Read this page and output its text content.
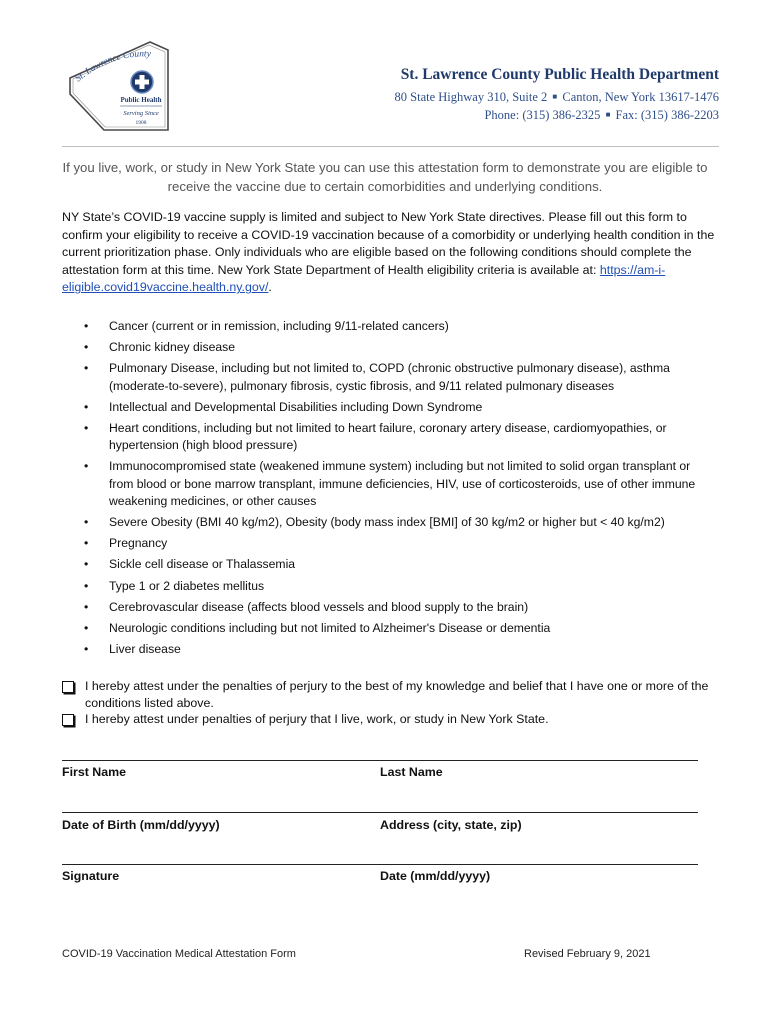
St. Lawrence County
Public Health
Serving Since
1908
St. Lawrence County Public Health Department
80 State Highway 310, Suite 2 ■ Canton, New York 13617-1476
Phone: (315) 386-2325 ■ Fax: (315) 386-2203
If you live, work, or study in New York State you can use this attestation form to demonstrate you are eligible to receive the vaccine due to certain comorbidities and underlying conditions.
NY State’s COVID-19 vaccine supply is limited and subject to New York State directives. Please fill out this form to confirm your eligibility to receive a COVID-19 vaccination because of a comorbidity or underlying health condition in the current prioritization phase. Only individuals who are eligible based on the following conditions should complete the attestation form at this time. New York State Department of Health eligibility criteria is available at: https://am-i-eligible.covid19vaccine.health.ny.gov/.
• Cancer (current or in remission, including 9/11-related cancers)
• Chronic kidney disease
• Pulmonary Disease, including but not limited to, COPD (chronic obstructive pulmonary disease), asthma (moderate-to-severe), pulmonary fibrosis, cystic fibrosis, and 9/11 related pulmonary diseases
• Intellectual and Developmental Disabilities including Down Syndrome
• Heart conditions, including but not limited to heart failure, coronary artery disease, cardiomyopathies, or hypertension (high blood pressure)
• Immunocompromised state (weakened immune system) including but not limited to solid organ transplant or from blood or bone marrow transplant, immune deficiencies, HIV, use of corticosteroids, use of other immune weakening medicines, or other causes
• Severe Obesity (BMI 40 kg/m2), Obesity (body mass index [BMI] of 30 kg/m2 or higher but < 40 kg/m2)
• Pregnancy
• Sickle cell disease or Thalassemia
• Type 1 or 2 diabetes mellitus
• Cerebrovascular disease (affects blood vessels and blood supply to the brain)
• Neurologic conditions including but not limited to Alzheimer's Disease or dementia
• Liver disease
I hereby attest under the penalties of perjury to the best of my knowledge and belief that I have one or more of the conditions listed above.
I hereby attest under penalties of perjury that I live, work, or study in New York State.
First Name	Last Name
Date of Birth (mm/dd/yyyy)	Address (city, state, zip)
Signature	Date (mm/dd/yyyy)
COVID-19 Vaccination Medical Attestation Form	Revised February 9, 2021
